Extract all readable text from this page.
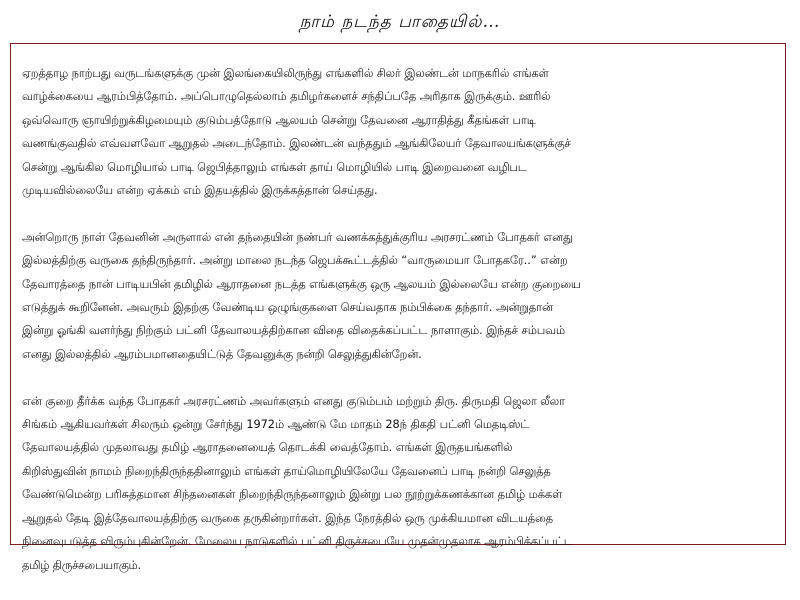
நாம் நடந்த பாதையில்…
ஏறத்தாழ நாற்பது வருடங்களுக்கு முன் இலங்கையிலிருந்து எங்களில் சிலர் இலண்டன் மாநகரில் எங்கள்
வாழ்க்கையை ஆரம்பித்தோம். அப்பொழுதெல்லாம் தமிழர்களைச் சந்திப்பதே அரிதாக இருக்கும். ஊரில்
ஒவ்வொரு ஞாயிற்றுக்கிழமையும் குடும்பத்தோடு ஆலயம் சென்று தேவனை ஆராதித்து கீதங்கள் பாடி
வணங்குவதில் எவ்வளவோ ஆறுதல் அடைந்தோம். இலண்டன் வந்ததும் ஆங்கிலேயர் தேவாலயங்களுக்குச்
சென்று ஆங்கில மொழியால் பாடி ஜெபித்தாலும் எங்கள் தாய் மொழியில் பாடி இறைவனை வழிபட
முடியவில்லையே என்ற ஏக்கம் எம் இதயத்தில் இருக்கத்தான் செய்தது.
அன்றொரு நாள் தேவனின் அருளால் என் தந்தையின் நண்பர் வணக்கத்துக்குரிய அரசரட்ணம் போதகர் எனது
இல்லத்திற்கு வருகை தந்திருந்தார். அன்று மாலை நடந்த ஜெபக்கூட்டத்தில் “வாருமையா போதகரே..” என்ற
தேவாரத்தை நான் பாடியபின் தமிழில் ஆராதனை நடத்த எங்களுக்கு ஒரு ஆலயம் இல்லையே என்ற குறையை
எடுத்துக் கூறினேன். அவரும் இதற்கு வேண்டிய ஒழுங்குகளை செய்வதாக நம்பிக்கை தந்தார். அன்றுதான்
இன்று ஓங்கி வளர்ந்து நிற்கும் பட்னி தேவாலயத்திற்கான விதை விதைக்கப்பட்ட நாளாகும். இந்தச் சம்பவம்
எனது இல்லத்தில் ஆரம்பமானதையிட்டுத் தேவனுக்கு நன்றி செலுத்துகின்றேன்.
என் குறை தீர்க்க வந்த போதகர் அரசரட்ணம் அவர்களும் எனது குடும்பம் மற்றும் திரு. திருமதி ஜெலா லீலா
சிங்கம் ஆகியவர்கள் சிலரும் ஒன்று சேர்ந்து 1972ம் ஆண்டு மே மாதம் 28ந் திகதி பட்னி மெதடிஸ்ட்
தேவாலயத்தில் முதலாவது தமிழ் ஆராதனையைத் தொடக்கி வைத்தோம். எங்கள் இருதயங்களில்
கிறிஸ்துவின் நாமம் நிறைந்திருந்ததினாலும் எங்கள் தாய்மொழியிலேயே தேவனைப் பாடி நன்றி செலுத்த
வேண்டுமென்ற பரிசுத்தமான சிந்தனைகள் நிறைந்திருந்தனாலும் இன்று பல நூற்றுக்கணக்கான தமிழ் மக்கள்
ஆறுதல் தேடி இத்தேவாலயத்திற்கு வருகை தருகின்றார்கள். இந்த நேரத்தில் ஒரு முக்கியமான விடயத்தை
நினைவுபடுத்த விரும்புகின்றேன். மேலைய நாடுகளில் பட்னி திருச்சபையே முதன்முதலாக ஆரம்பிக்கப்பட்ட
தமிழ் திருச்சபையாகும்.
